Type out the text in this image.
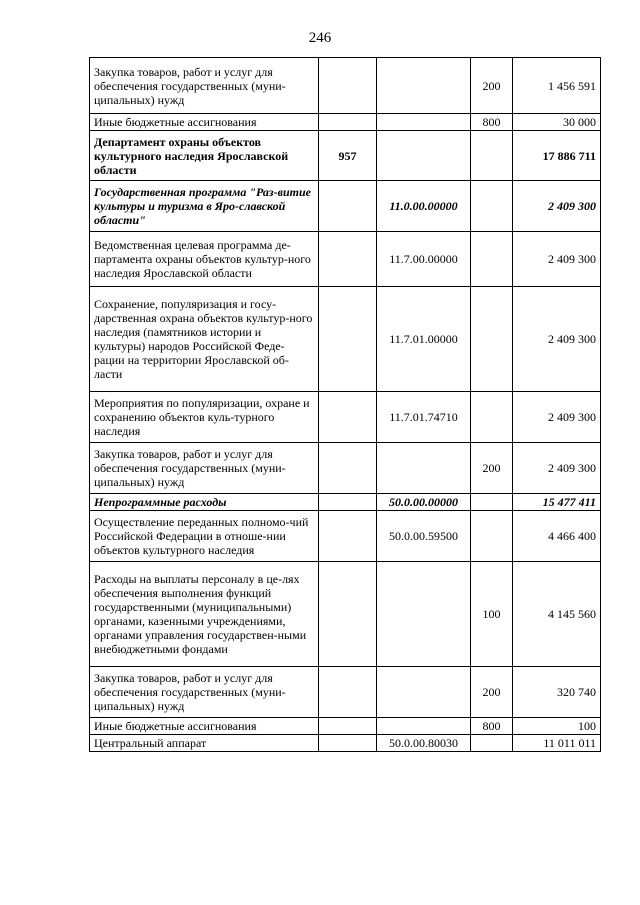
246
Закупка товаров, работ и услуг для обеспечения государственных (муни-ципальных) нужд			200	1 456 591
Иные бюджетные ассигнования			800	30 000
Департамент охраны объектов культурного наследия Ярославской области	957			17 886 711
Государственная программа "Раз-витие культуры и туризма в Яро-славской области"		11.0.00.00000		2 409 300
Ведомственная целевая программа де-партамента охраны объектов культур-ного наследия Ярославской области		11.7.00.00000		2 409 300
Сохранение, популяризация и госу-дарственная охрана объектов культур-ного наследия (памятников истории и культуры) народов Российской Феде-рации на территории Ярославской об-ласти		11.7.01.00000		2 409 300
Мероприятия по популяризации, охране и сохранению объектов куль-турного наследия		11.7.01.74710		2 409 300
Закупка товаров, работ и услуг для обеспечения государственных (муни-ципальных) нужд			200	2 409 300
Непрограммные расходы		50.0.00.00000		15 477 411
Осуществление переданных полномо-чий Российской Федерации в отноше-нии объектов культурного наследия		50.0.00.59500		4 466 400
Расходы на выплаты персоналу в це-лях обеспечения выполнения функций государственными (муниципальными) органами, казенными учреждениями, органами управления государствен-ными внебюджетными фондами			100	4 145 560
Закупка товаров, работ и услуг для обеспечения государственных (муни-ципальных) нужд			200	320 740
Иные бюджетные ассигнования			800	100
Центральный аппарат		50.0.00.80030		11 011 011
